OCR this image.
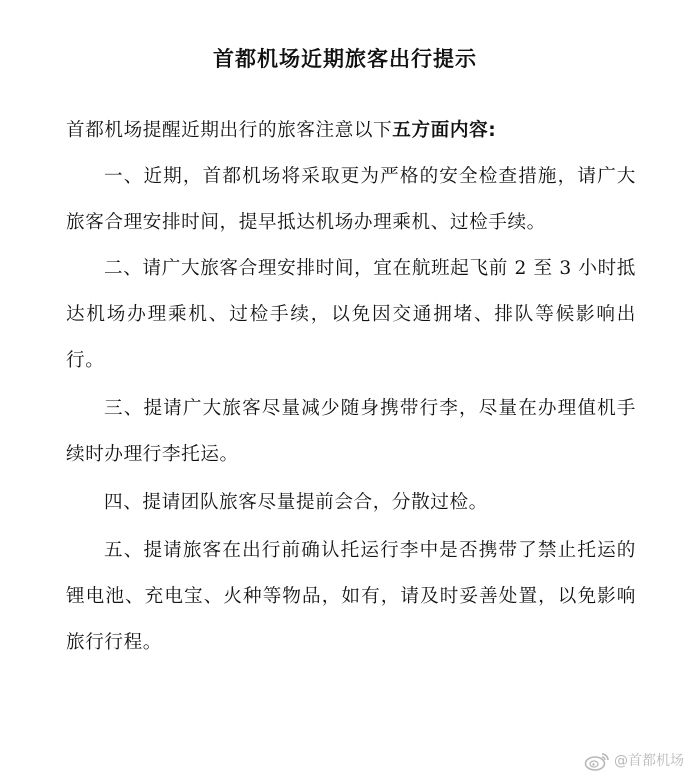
首都机场近期旅客出行提示
首都机场提醒近期出行的旅客注意以下五方面内容:
一、近期，首都机场将采取更为严格的安全检查措施，请广大旅客合理安排时间，提早抵达机场办理乘机、过检手续。
二、请广大旅客合理安排时间，宜在航班起飞前 2 至 3 小时抵达机场办理乘机、过检手续，以免因交通拥堵、排队等候影响出行。
三、提请广大旅客尽量减少随身携带行李，尽量在办理值机手续时办理行李托运。
四、提请团队旅客尽量提前会合，分散过检。
五、提请旅客在出行前确认托运行李中是否携带了禁止托运的锂电池、充电宝、火种等物品，如有，请及时妥善处置，以免影响旅行行程。
@首都机场
